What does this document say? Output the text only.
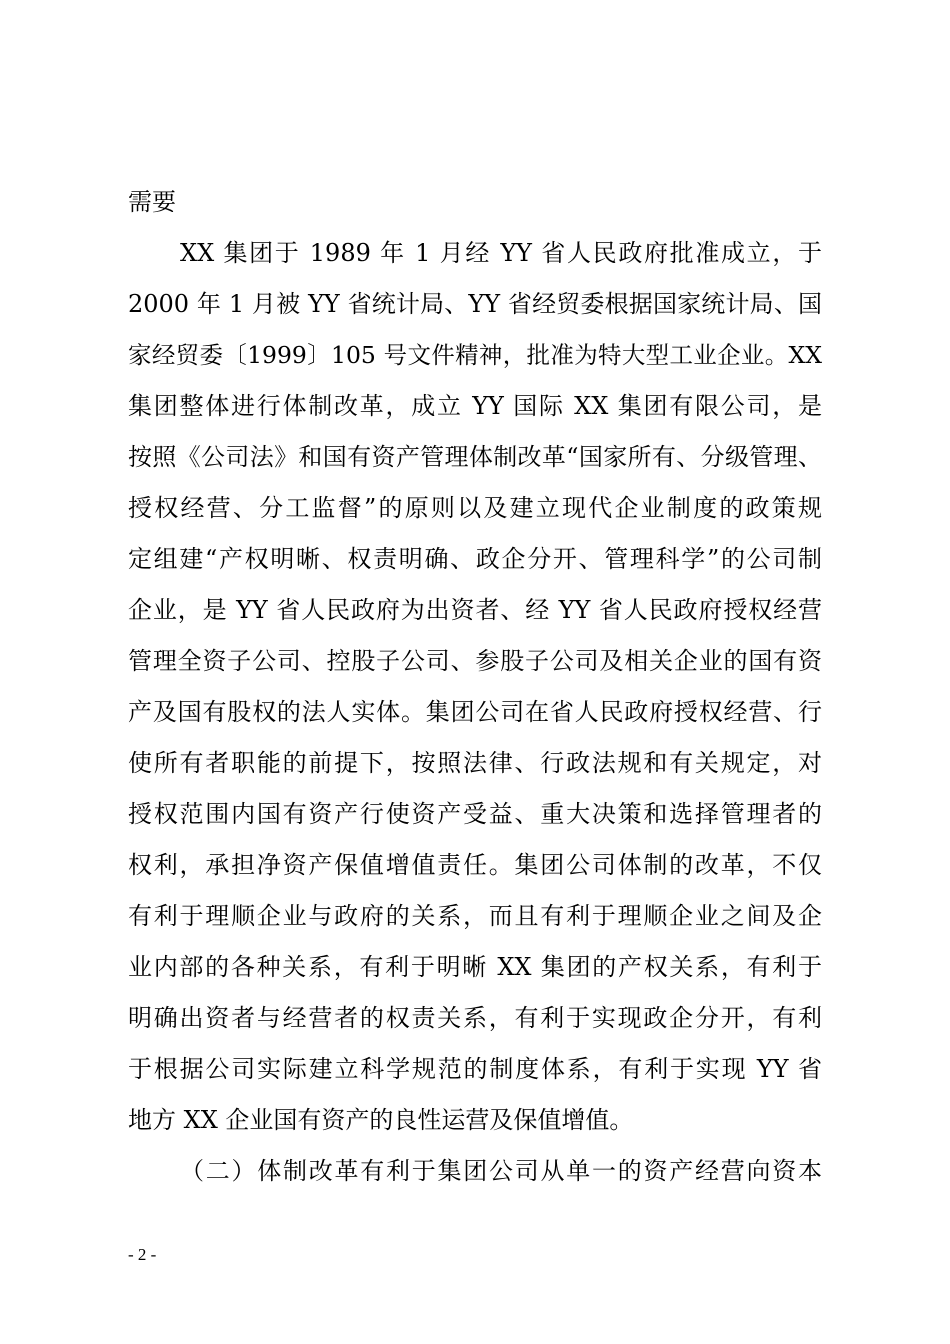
需要
XX 集团于 1989 年 1 月经 YY 省人民政府批准成立，于
2000 年 1 月被 YY 省统计局、YY 省经贸委根据国家统计局、国
家经贸委〔1999〕105 号文件精神，批准为特大型工业企业。XX
集团整体进行体制改革，成立 YY 国际 XX 集团有限公司，是
按照《公司法》和国有资产管理体制改革“国家所有、分级管理、
授权经营、分工监督”的原则以及建立现代企业制度的政策规
定组建“产权明晰、权责明确、政企分开、管理科学”的公司制
企业，是 YY 省人民政府为出资者、经 YY 省人民政府授权经营
管理全资子公司、控股子公司、参股子公司及相关企业的国有资
产及国有股权的法人实体。集团公司在省人民政府授权经营、行
使所有者职能的前提下，按照法律、行政法规和有关规定，对
授权范围内国有资产行使资产受益、重大决策和选择管理者的
权利，承担净资产保值增值责任。集团公司体制的改革，不仅
有利于理顺企业与政府的关系，而且有利于理顺企业之间及企
业内部的各种关系，有利于明晰 XX 集团的产权关系，有利于
明确出资者与经营者的权责关系，有利于实现政企分开，有利
于根据公司实际建立科学规范的制度体系，有利于实现 YY 省
地方 XX 企业国有资产的良性运营及保值增值。
（二）体制改革有利于集团公司从单一的资产经营向资本
- 2 -
